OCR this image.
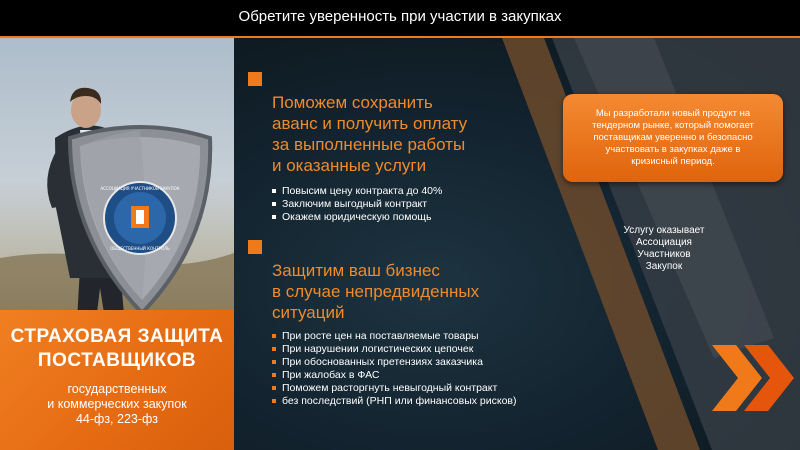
Обретите уверенность при участии в закупках
АССОЦИАЦИЯ УЧАСТНИКОВ ЗАКУПОК
ОБЩЕСТВЕННЫЙ КОНТРОЛЬ
СТРАХОВАЯ ЗАЩИТА
ПОСТАВЩИКОВ
государственных
и коммерческих закупок
44-фз, 223-фз
Поможем сохранить
аванс и получить оплату
за выполненные работы
и оказанные услуги
Повысим цену контракта до 40%
Заключим выгодный контракт
Окажем юридическую помощь
Защитим ваш бизнес
в случае непредвиденных
ситуаций
При росте цен на поставляемые товары
При нарушении логистических цепочек
При обоснованных претензиях заказчика
При жалобах в ФАС
Поможем расторгнуть невыгодный контракт
без последствий (РНП или финансовых рисков)
Мы разработали новый продукт на
тендерном рынке, который помогает
поставщикам уверенно и безопасно
участвовать в закупках даже в
кризисный период.
Услугу оказывает
Ассоциация
Участников
Закупок
